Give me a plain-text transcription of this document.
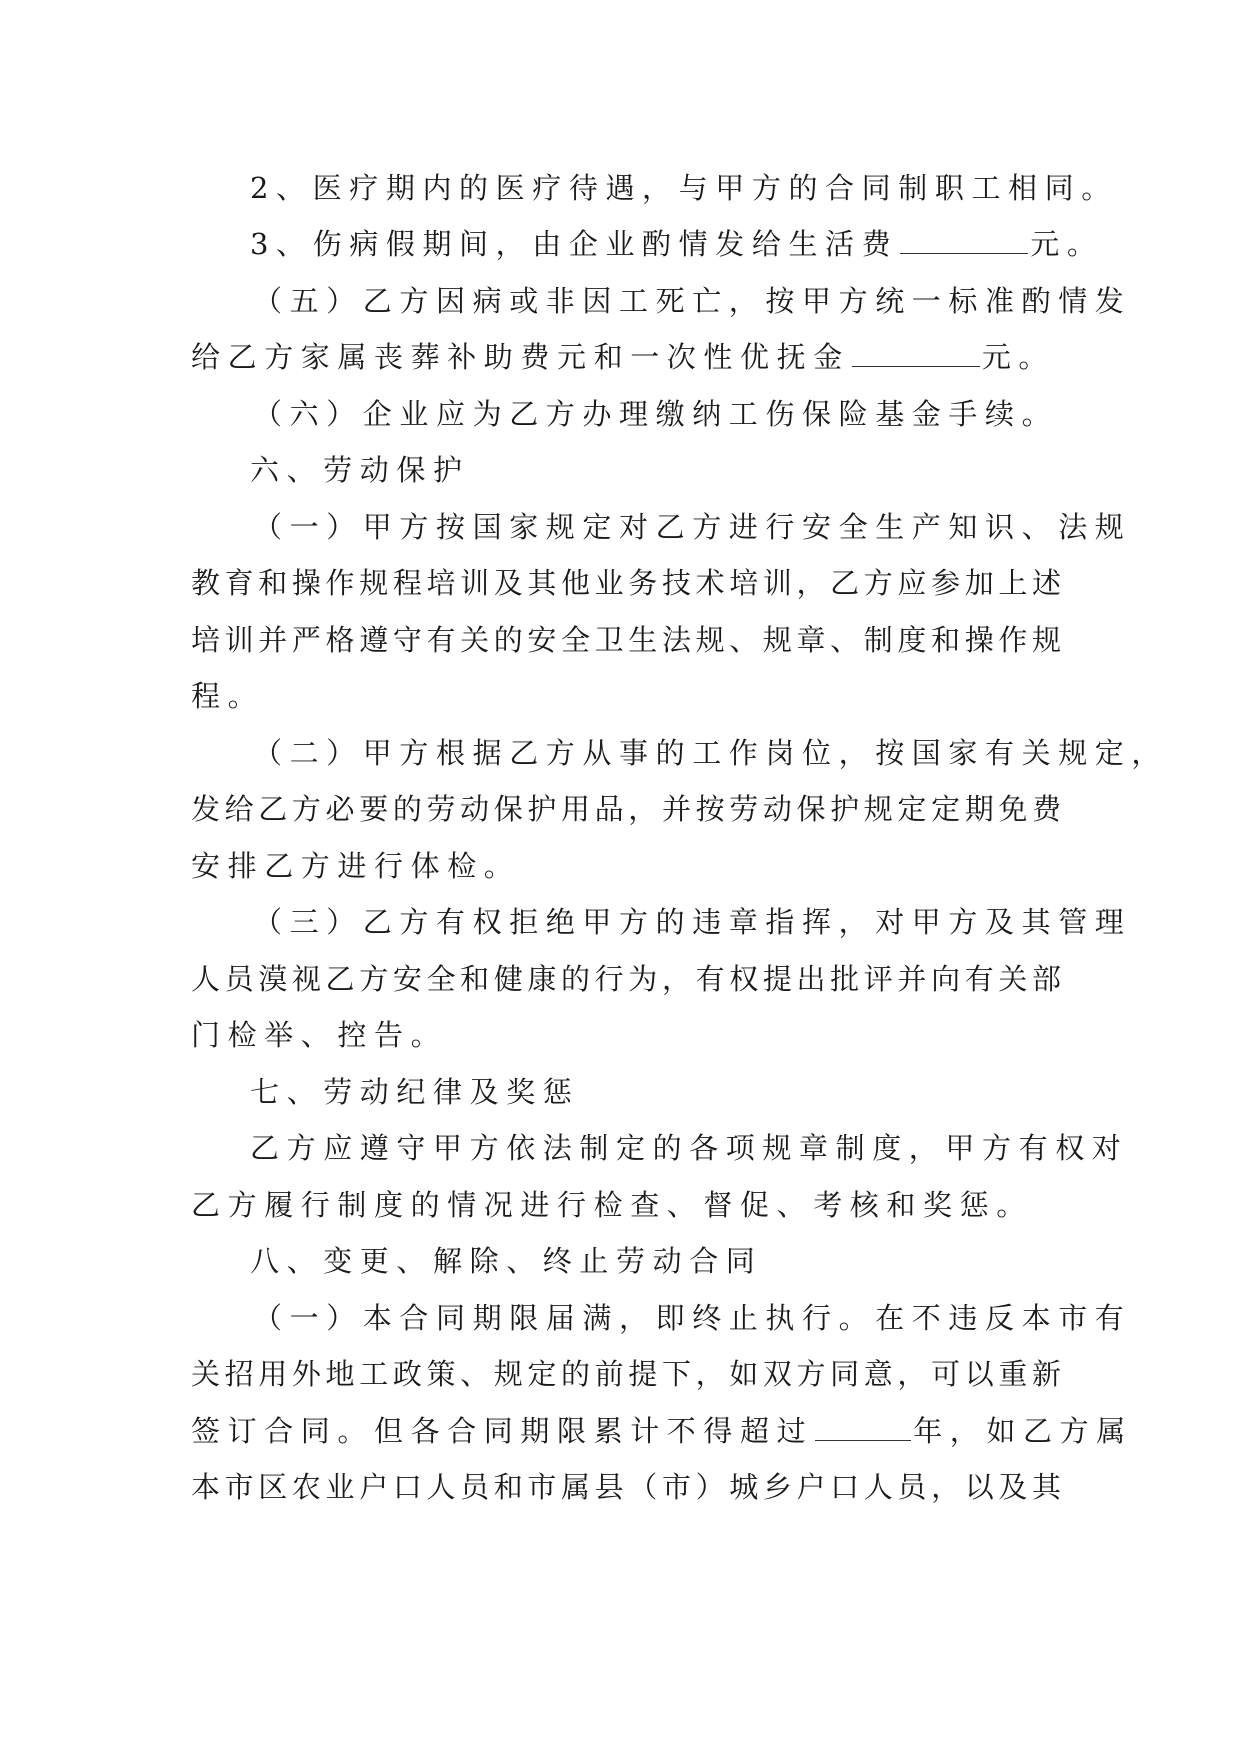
2、医疗期内的医疗待遇，与甲方的合同制职工相同。

3、伤病假期间，由企业酌情发给生活费	元。

（五）乙方因病或非因工死亡，按甲方统一标准酌情发

给乙方家属丧葬补助费元和一次性优抚金	元。

（六）企业应为乙方办理缴纳工伤保险基金手续。

六、劳动保护

（一）甲方按国家规定对乙方进行安全生产知识、法规

教育和操作规程培训及其他业务技术培训，乙方应参加上述

培训并严格遵守有关的安全卫生法规、规章、制度和操作规

程。

（二）甲方根据乙方从事的工作岗位，按国家有关规定，

发给乙方必要的劳动保护用品，并按劳动保护规定定期免费

安排乙方进行体检。

（三）乙方有权拒绝甲方的违章指挥，对甲方及其管理

人员漠视乙方安全和健康的行为，有权提出批评并向有关部

门检举、控告。

七、劳动纪律及奖惩

乙方应遵守甲方依法制定的各项规章制度，甲方有权对

乙方履行制度的情况进行检查、督促、考核和奖惩。

八、变更、解除、终止劳动合同

（一）本合同期限届满，即终止执行。在不违反本市有

关招用外地工政策、规定的前提下，如双方同意，可以重新

签订合同。但各合同期限累计不得超过	年，如乙方属

本市区农业户口人员和市属县（市）城乡户口人员，以及其
